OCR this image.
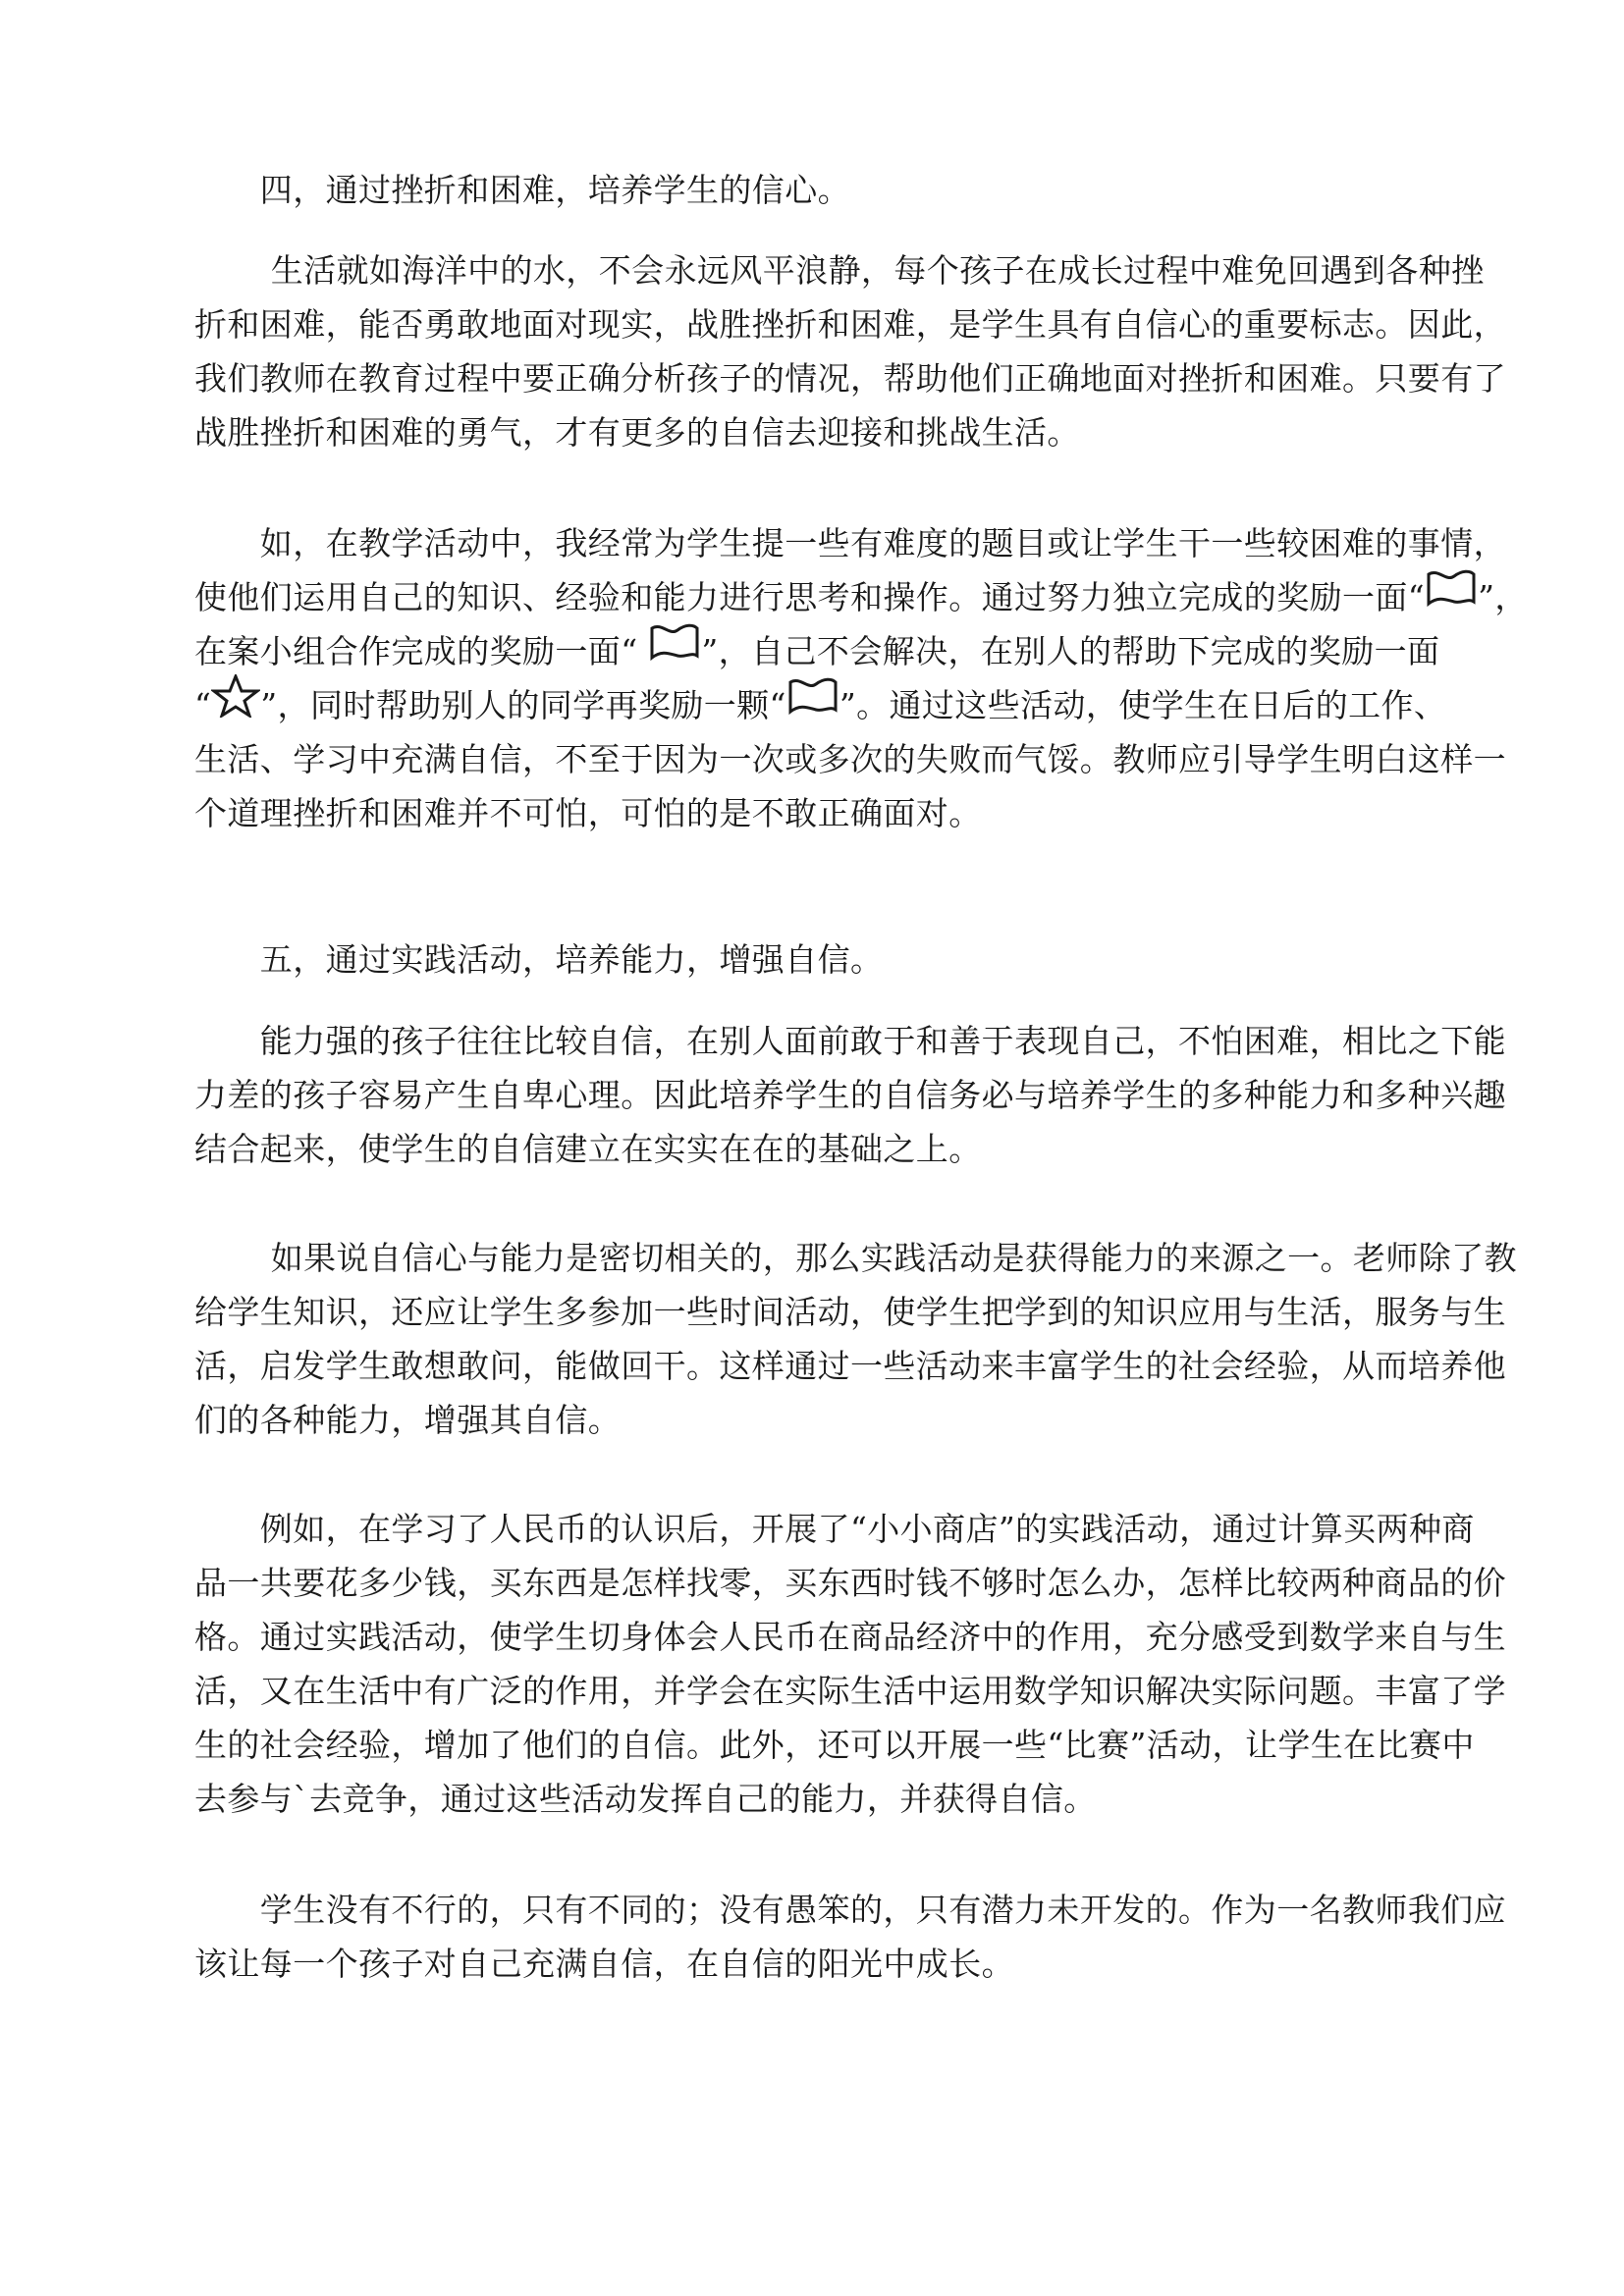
　　四，通过挫折和困难，培养学生的信心。
　　 生活就如海洋中的水，不会永远风平浪静，每个孩子在成长过程中难免回遇到各种挫
折和困难，能否勇敢地面对现实，战胜挫折和困难，是学生具有自信心的重要标志。因此，
我们教师在教育过程中要正确分析孩子的情况，帮助他们正确地面对挫折和困难。只要有了
战胜挫折和困难的勇气，才有更多的自信去迎接和挑战生活。
　　如，在教学活动中，我经常为学生提一些有难度的题目或让学生干一些较困难的事情，
使他们运用自己的知识、经验和能力进行思考和操作。通过努力独立完成的奖励一面“ ”，
在案小组合作完成的奖励一面“ ”，自己不会解决，在别人的帮助下完成的奖励一面
“ ”，同时帮助别人的同学再奖励一颗“ ”。通过这些活动，使学生在日后的工作、
生活、学习中充满自信，不至于因为一次或多次的失败而气馁。教师应引导学生明白这样一
个道理挫折和困难并不可怕，可怕的是不敢正确面对。
　　五，通过实践活动，培养能力，增强自信。
　　能力强的孩子往往比较自信，在别人面前敢于和善于表现自己，不怕困难，相比之下能
力差的孩子容易产生自卑心理。因此培养学生的自信务必与培养学生的多种能力和多种兴趣
结合起来，使学生的自信建立在实实在在的基础之上。
　　 如果说自信心与能力是密切相关的，那么实践活动是获得能力的来源之一。老师除了教
给学生知识，还应让学生多参加一些时间活动，使学生把学到的知识应用与生活，服务与生
活，启发学生敢想敢问，能做回干。这样通过一些活动来丰富学生的社会经验，从而培养他
们的各种能力，增强其自信。
　　例如，在学习了人民币的认识后，开展了“小小商店”的实践活动，通过计算买两种商
品一共要花多少钱，买东西是怎样找零，买东西时钱不够时怎么办，怎样比较两种商品的价
格。通过实践活动，使学生切身体会人民币在商品经济中的作用，充分感受到数学来自与生
活，又在生活中有广泛的作用，并学会在实际生活中运用数学知识解决实际问题。丰富了学
生的社会经验，增加了他们的自信。此外，还可以开展一些“比赛”活动，让学生在比赛中
去参与`去竞争，通过这些活动发挥自己的能力，并获得自信。
　　学生没有不行的，只有不同的；没有愚笨的，只有潜力未开发的。作为一名教师我们应
该让每一个孩子对自己充满自信，在自信的阳光中成长。
